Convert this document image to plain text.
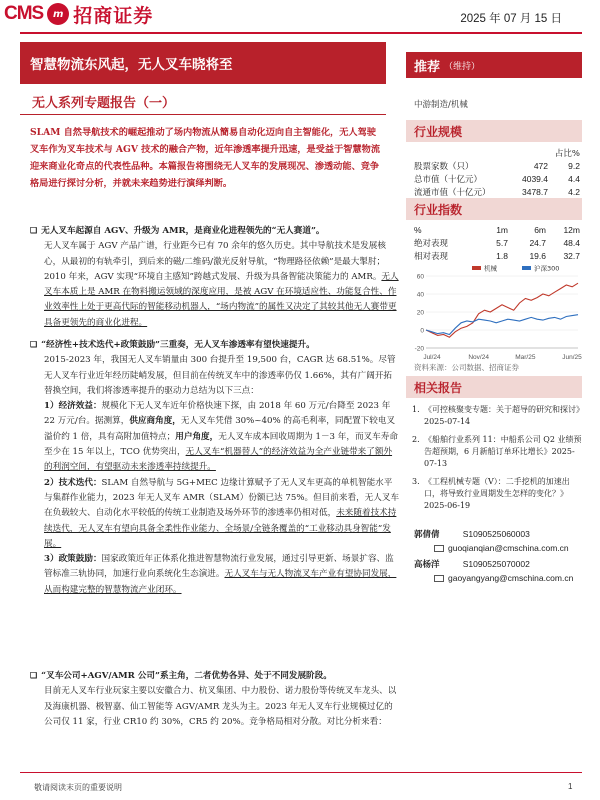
CMS m 招商证券	2025 年 07 月 15 日
智慧物流东风起，无人叉车晓将至	推荐 （维持）
无人系列专题报告（一）	中游制造/机械
SLAM 自然导航技术的崛起推动了场内物流从簡易自动化迈向自主智能化，无人驾驶叉车作为叉车技术与 AGV 技术的融合产物，近年渗透率提升迅速，是受益于智慧物流迎来商业化奇点的代表性品种。本篇报告将围绕无人叉车的发展现况、渗透动能、竞争格局进行探讨分析，并就未来趋势进行演绎判断。

❑ 无人叉车起源自 AGV、升级为 AMR，是商业化进程领先的“无人赛道”。

无人叉车属于 AGV 产品广谱，行业距今已有 70 余年的悠久历史。其中导航技术是发展核心，从最初的有轨牵引，到后来的磁/二维码/激光反射导航，“物理路径依赖”是最大掣肘；2010 年来，AGV 实现“环境自主感知”跨越式发展、升级为具备智能决策能力的 AMR。无人叉车本质上是 AMR 在物料搬运领域的深度应用，是被 AGV 在环境适应性、功能复合性、作业效率性上处于更高代际的智能移动机器人，“场内物流”的属性又决定了其较其他无人赛带更具备更领先的商业化进程。

❑ “经济性+技术迭代+政策鼓励”三重奏，无人叉车渗透率有望快速提升。

2015-2023 年，我国无人叉车销量由 300 台提升至 19,500 台，CAGR 达 68.51%。尽管无人叉车行业近年经历陡峭发展，但目前在传统叉车中的渗透率仍仅 1.66%，其有广阔开拓替换空间，我们将渗透率提升的驱动力总结为以下三点：

1）经济效益：规模化下无人叉车近年价格快速下探，由 2018 年 60 万元/台降至 2023 年 22 万元/台。据测算，供应商角度，无人叉车凭借 30%~40% 的高毛利率，同配置下较电叉溢价约 1 倍，具有高附加值特点；用户角度，无人叉车成本回收周期为 1－3 年，而叉车寿命至少在 15 年以上，TCO 优势突出，无人叉车“机器替人”的经济效益为全产业链带来了额外的利润空间，有望驱动未来渗透率持续提升。

2）技术迭代：SLAM 自然导航与 5G+MEC 边缘计算赋予了无人叉车更高的单机智能水平与集群作业能力，2023 年无人叉车 AMR（SLAM）份额已达 75%。但目前来看，无人叉车在负载较大、自动化水平较低的传统工业制造及场外环节的渗透率仍相对低，未来随着技术持续迭代，无人叉车有望向具备全柔性作业能力、全场景/全链条覆盖的“工业移动具身智能”发展。

3）政策鼓励：国家政策近年正体系化推进智慧物流行业发展，通过引导更新、场景扩容、监管标准三轨协同，加速行业向系统化生态演进。无人叉车与无人物流叉车产业有望协同发展，从而构建完整的智慧物流产业闭环。

❑ “叉车公司+AGV/AMR 公司”系主角，二者优势各异、处于不同发展阶段。

目前无人叉车行业玩家主要以安徽合力、杭叉集团、中力股份、诺力股份等传统叉车龙头、以及海康机器、极智嘉、仙工智能等 AGV/AMR 龙头为主。2023 年无人叉车行业规模过亿的公司仅 11 家，行业 CR10 约 30%，CR5 约 20%。竞争格局相对分散。对比分析来看：

行业规模
占比%
股票家数（只）	472	9.2
总市值（十亿元）	4039.4	4.4
流通市值（十亿元）	3478.7	4.2
行业指数
%	1m	6m	12m
绝对表现	5.7	24.7	48.4
相对表现	1.8	19.6	32.7
机械	沪深300
Jul/24	Nov/24	Mar/25	Jun/25
-20
0
20
40
60
资料来源：公司数据、招商证券
相关报告
1. 《可控核聚变专题：关于超导的研究和探讨》2025-07-14
2. 《船舶行业系列 11：中船系公司 Q2 业绩预告超预期，6 月新船订单环比增长》2025-07-13
3. 《工程机械专题（V）：二手挖机的加速出口，将导致行业周期发生怎样的变化？》2025-06-19
郭倩倩	S1090525060003
guoqianqian@cmschina.com.cn
高杨洋	S1090525070002
gaoyangyang@cmschina.com.cn
敬请阅读末页的重要说明	1
